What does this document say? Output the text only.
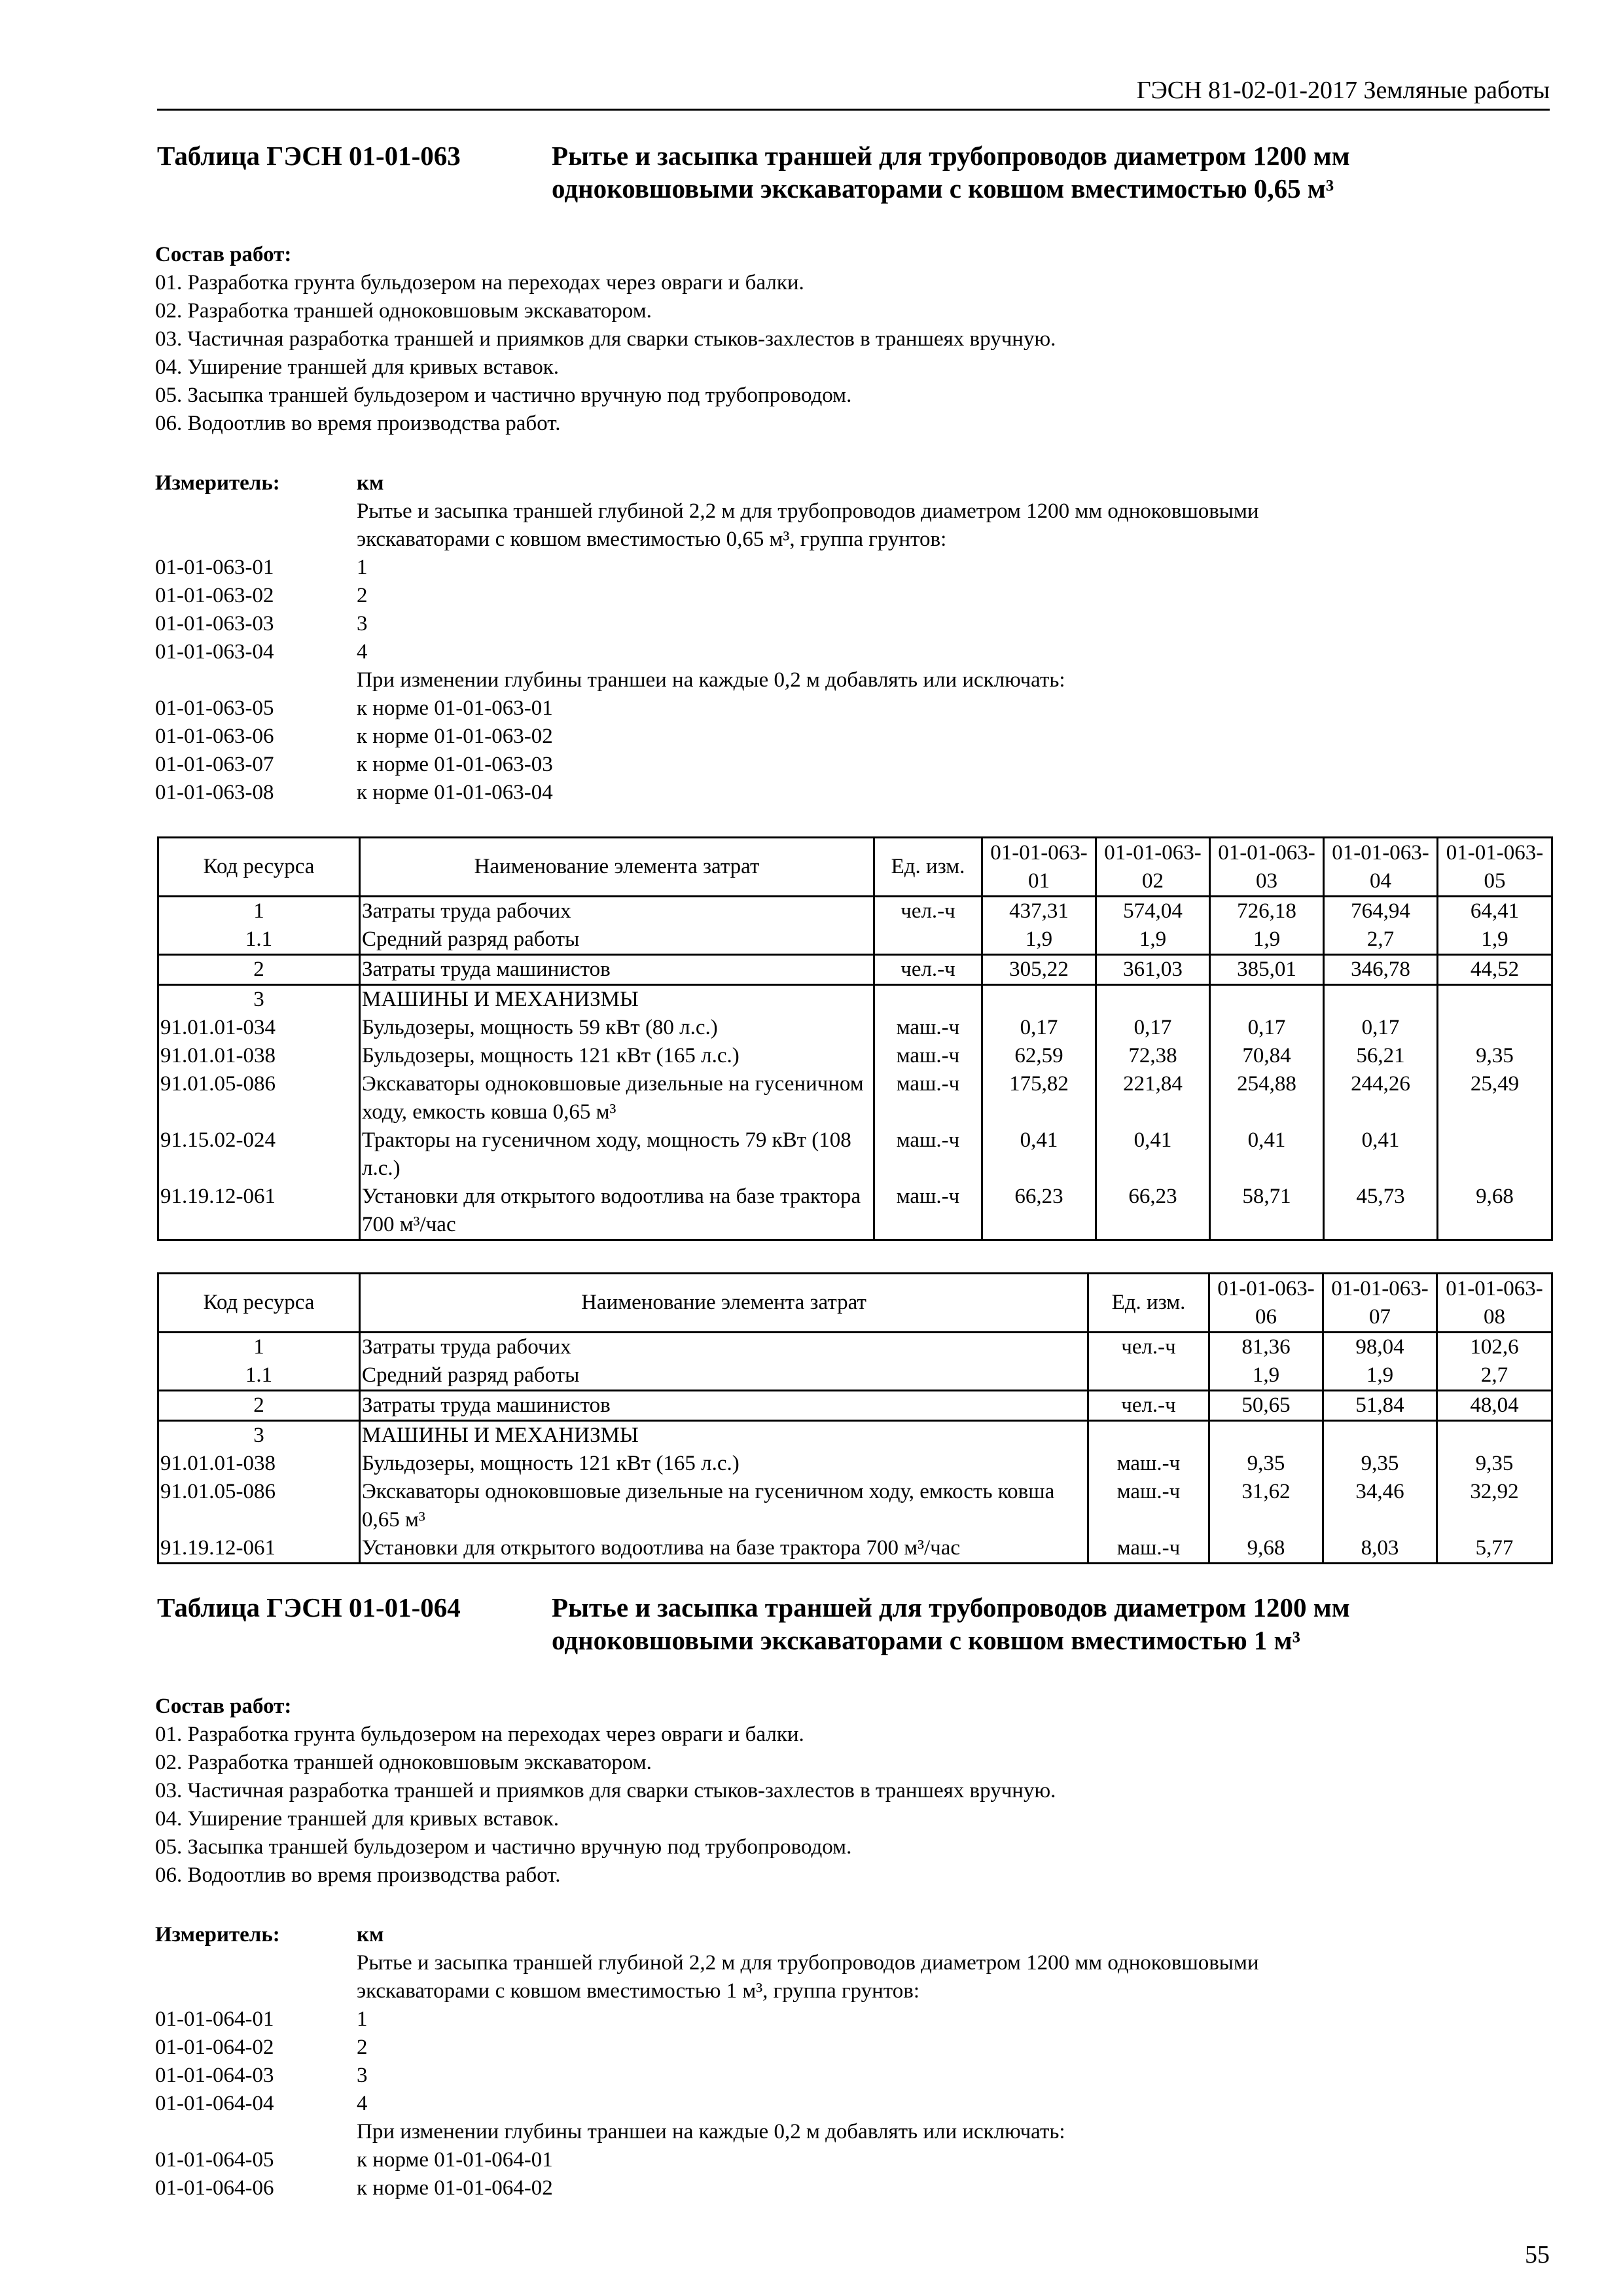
ГЭСН 81-02-01-2017 Земляные работы
Таблица ГЭСН 01-01-063	Рытье и засыпка траншей для трубопроводов диаметром 1200 мм
одноковшовыми экскаваторами с ковшом вместимостью 0,65 м³
Состав работ:
01. Разработка грунта бульдозером на переходах через овраги и балки.
02. Разработка траншей одноковшовым экскаватором.
03. Частичная разработка траншей и приямков для сварки стыков-захлестов в траншеях вручную.
04. Уширение траншей для кривых вставок.
05. Засыпка траншей бульдозером и частично вручную под трубопроводом.
06. Водоотлив во время производства работ.
Измеритель:	км
Рытье и засыпка траншей глубиной 2,2 м для трубопроводов диаметром 1200 мм одноковшовыми
экскаваторами с ковшом вместимостью 0,65 м³, группа грунтов:
01-01-063-01	1
01-01-063-02	2
01-01-063-03	3
01-01-063-04	4
При изменении глубины траншеи на каждые 0,2 м добавлять или исключать:
01-01-063-05	к норме 01-01-063-01
01-01-063-06	к норме 01-01-063-02
01-01-063-07	к норме 01-01-063-03
01-01-063-08	к норме 01-01-063-04
Код ресурса	Наименование элемента затрат	Ед. изм.	01-01-063-01	01-01-063-02	01-01-063-03	01-01-063-04	01-01-063-05
1	Затраты труда рабочих	чел.-ч	437,31	574,04	726,18	764,94	64,41
1.1	Средний разряд работы		1,9	1,9	1,9	2,7	1,9
2	Затраты труда машинистов	чел.-ч	305,22	361,03	385,01	346,78	44,52
3	МАШИНЫ И МЕХАНИЗМЫ						
91.01.01-034	Бульдозеры, мощность 59 кВт (80 л.с.)	маш.-ч	0,17	0,17	0,17	0,17	
91.01.01-038	Бульдозеры, мощность 121 кВт (165 л.с.)	маш.-ч	62,59	72,38	70,84	56,21	9,35
91.01.05-086	Экскаваторы одноковшовые дизельные на гусеничном ходу, емкость ковша 0,65 м³	маш.-ч	175,82	221,84	254,88	244,26	25,49
91.15.02-024	Тракторы на гусеничном ходу, мощность 79 кВт (108 л.с.)	маш.-ч	0,41	0,41	0,41	0,41	
91.19.12-061	Установки для открытого водоотлива на базе трактора 700 м³/час	маш.-ч	66,23	66,23	58,71	45,73	9,68
Код ресурса	Наименование элемента затрат	Ед. изм.	01-01-063-06	01-01-063-07	01-01-063-08
1	Затраты труда рабочих	чел.-ч	81,36	98,04	102,6
1.1	Средний разряд работы		1,9	1,9	2,7
2	Затраты труда машинистов	чел.-ч	50,65	51,84	48,04
3	МАШИНЫ И МЕХАНИЗМЫ				
91.01.01-038	Бульдозеры, мощность 121 кВт (165 л.с.)	маш.-ч	9,35	9,35	9,35
91.01.05-086	Экскаваторы одноковшовые дизельные на гусеничном ходу, емкость ковша 0,65 м³	маш.-ч	31,62	34,46	32,92
91.19.12-061	Установки для открытого водоотлива на базе трактора 700 м³/час	маш.-ч	9,68	8,03	5,77
Таблица ГЭСН 01-01-064	Рытье и засыпка траншей для трубопроводов диаметром 1200 мм
одноковшовыми экскаваторами с ковшом вместимостью 1 м³
Состав работ:
01. Разработка грунта бульдозером на переходах через овраги и балки.
02. Разработка траншей одноковшовым экскаватором.
03. Частичная разработка траншей и приямков для сварки стыков-захлестов в траншеях вручную.
04. Уширение траншей для кривых вставок.
05. Засыпка траншей бульдозером и частично вручную под трубопроводом.
06. Водоотлив во время производства работ.
Измеритель:	км
Рытье и засыпка траншей глубиной 2,2 м для трубопроводов диаметром 1200 мм одноковшовыми
экскаваторами с ковшом вместимостью 1 м³, группа грунтов:
01-01-064-01	1
01-01-064-02	2
01-01-064-03	3
01-01-064-04	4
При изменении глубины траншеи на каждые 0,2 м добавлять или исключать:
01-01-064-05	к норме 01-01-064-01
01-01-064-06	к норме 01-01-064-02
55
